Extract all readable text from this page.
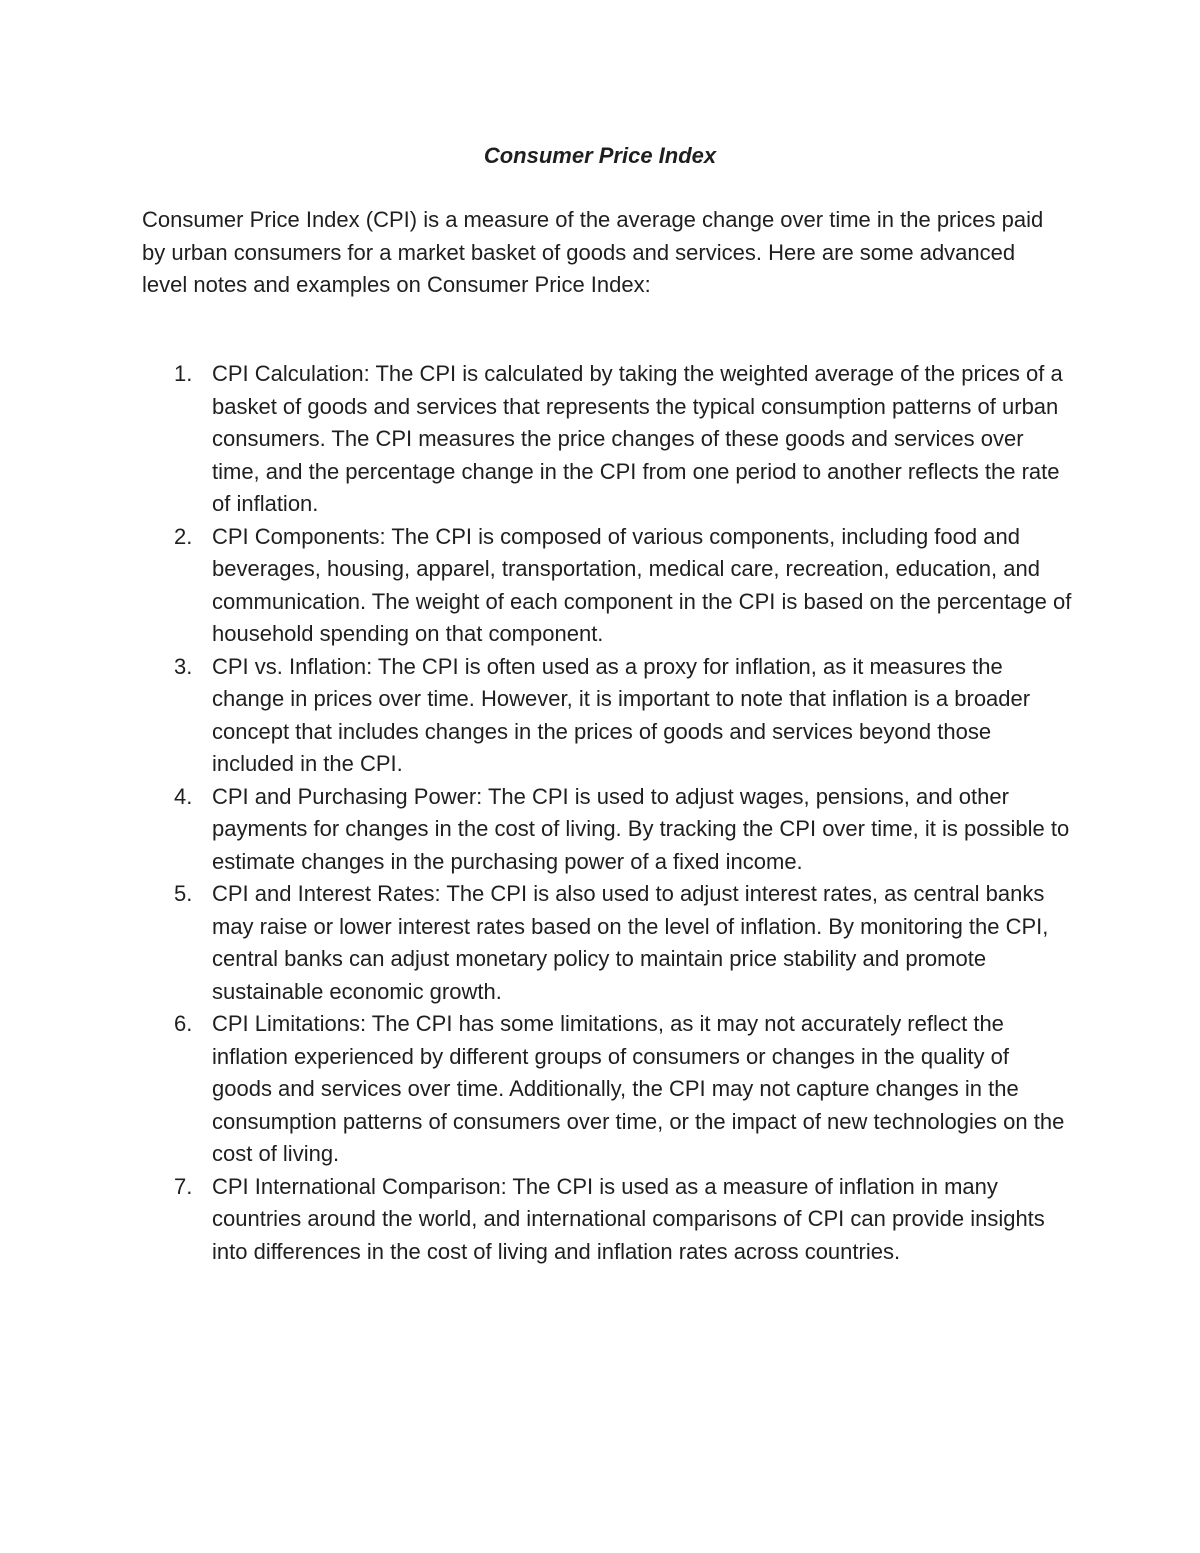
Consumer Price Index

Consumer Price Index (CPI) is a measure of the average change over time in the prices paid by urban consumers for a market basket of goods and services. Here are some advanced level notes and examples on Consumer Price Index:

1. CPI Calculation: The CPI is calculated by taking the weighted average of the prices of a basket of goods and services that represents the typical consumption patterns of urban consumers. The CPI measures the price changes of these goods and services over time, and the percentage change in the CPI from one period to another reflects the rate of inflation.
2. CPI Components: The CPI is composed of various components, including food and beverages, housing, apparel, transportation, medical care, recreation, education, and communication. The weight of each component in the CPI is based on the percentage of household spending on that component.
3. CPI vs. Inflation: The CPI is often used as a proxy for inflation, as it measures the change in prices over time. However, it is important to note that inflation is a broader concept that includes changes in the prices of goods and services beyond those included in the CPI.
4. CPI and Purchasing Power: The CPI is used to adjust wages, pensions, and other payments for changes in the cost of living. By tracking the CPI over time, it is possible to estimate changes in the purchasing power of a fixed income.
5. CPI and Interest Rates: The CPI is also used to adjust interest rates, as central banks may raise or lower interest rates based on the level of inflation. By monitoring the CPI, central banks can adjust monetary policy to maintain price stability and promote sustainable economic growth.
6. CPI Limitations: The CPI has some limitations, as it may not accurately reflect the inflation experienced by different groups of consumers or changes in the quality of goods and services over time. Additionally, the CPI may not capture changes in the consumption patterns of consumers over time, or the impact of new technologies on the cost of living.
7. CPI International Comparison: The CPI is used as a measure of inflation in many countries around the world, and international comparisons of CPI can provide insights into differences in the cost of living and inflation rates across countries.
